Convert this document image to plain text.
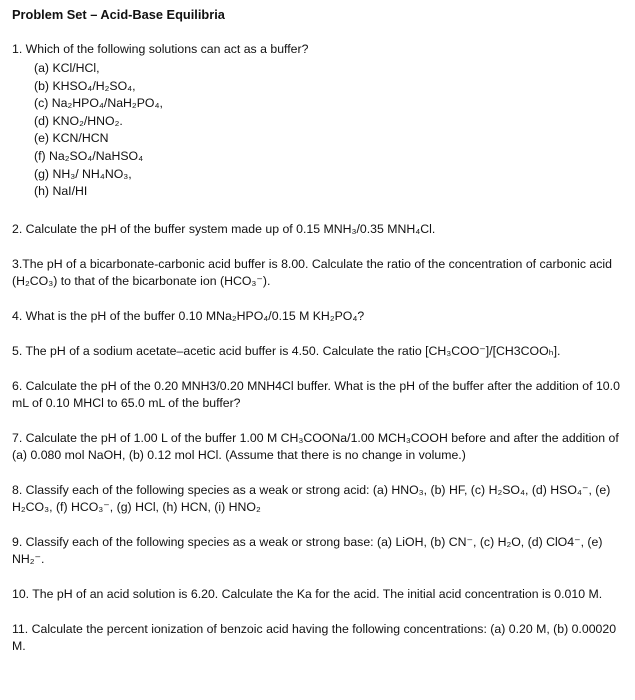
Problem Set – Acid-Base Equilibria
1. Which of the following solutions can act as a buffer?
(a) KCl/HCl,
(b) KHSO₄/H₂SO₄,
(c) Na₂HPO₄/NaH₂PO₄,
(d) KNO₂/HNO₂.
(e) KCN/HCN
(f) Na₂SO₄/NaHSO₄
(g) NH₃/ NH₄NO₃,
(h) NaI/HI
2. Calculate the pH of the buffer system made up of 0.15 MNH₃/0.35 MNH₄Cl.
3.The pH of a bicarbonate-carbonic acid buffer is 8.00. Calculate the ratio of the concentration of carbonic acid (H₂CO₃) to that of the bicarbonate ion (HCO₃⁻).
4. What is the pH of the buffer 0.10 MNa₂HPO₄/0.15 M KH₂PO₄?
5. The pH of a sodium acetate–acetic acid buffer is 4.50. Calculate the ratio [CH₃COO⁻]/[CH3COOₕ].
6. Calculate the pH of the 0.20 MNH3/0.20 MNH4Cl buffer. What is the pH of the buffer after the addition of 10.0 mL of 0.10 MHCl to 65.0 mL of the buffer?
7. Calculate the pH of 1.00 L of the buffer 1.00 M CH₃COONa/1.00 MCH₃COOH before and after the addition of (a) 0.080 mol NaOH, (b) 0.12 mol HCl. (Assume that there is no change in volume.)
8. Classify each of the following species as a weak or strong acid: (a) HNO₃, (b) HF, (c) H₂SO₄, (d) HSO₄⁻, (e) H₂CO₃, (f) HCO₃⁻, (g) HCl, (h) HCN, (i) HNO₂
9. Classify each of the following species as a weak or strong base: (a) LiOH, (b) CN⁻, (c) H₂O, (d) ClO4⁻, (e) NH₂⁻.
10. The pH of an acid solution is 6.20. Calculate the Ka for the acid. The initial acid concentration is 0.010 M.
11. Calculate the percent ionization of benzoic acid having the following concentrations: (a) 0.20 M, (b) 0.00020 M.
